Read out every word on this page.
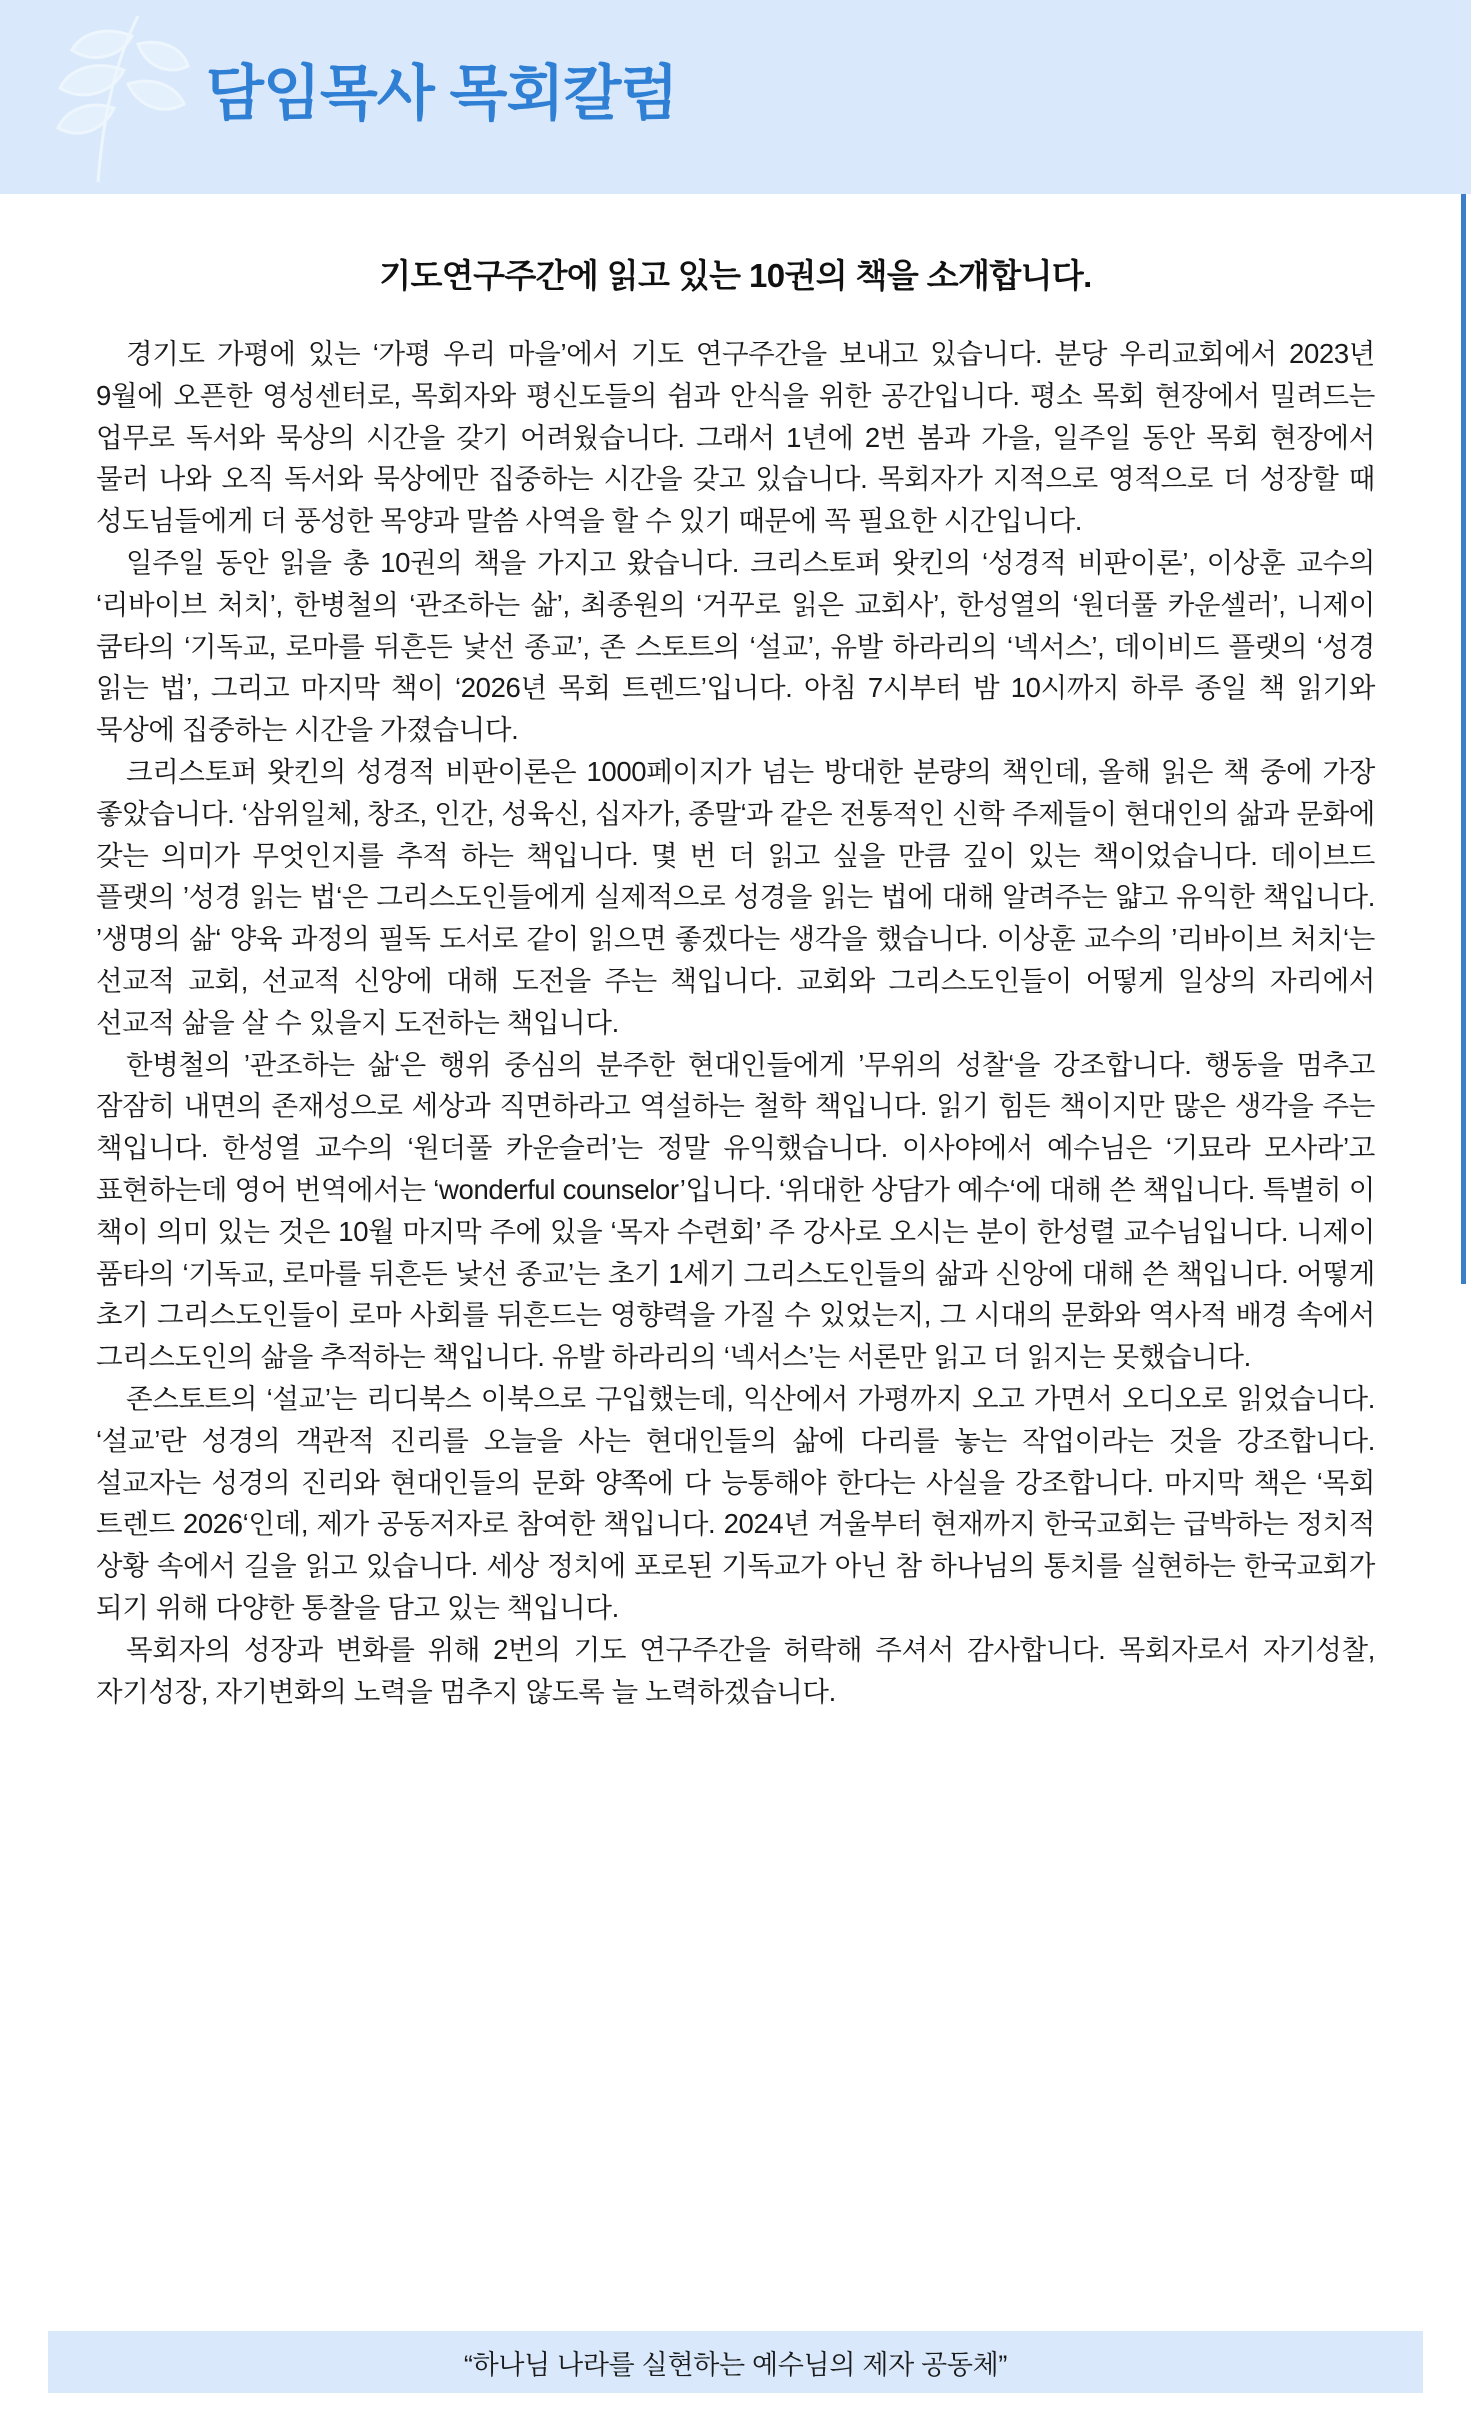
담임목사 목회칼럼
기도연구주간에 읽고 있는 10권의 책을 소개합니다.

경기도 가평에 있는 ‘가평 우리 마을’에서 기도 연구주간을 보내고 있습니다. 분당 우리교회에서 2023년 9월에 오픈한 영성센터로, 목회자와 평신도들의 쉼과 안식을 위한 공간입니다. 평소 목회 현장에서 밀려드는 업무로 독서와 묵상의 시간을 갖기 어려웠습니다. 그래서 1년에 2번 봄과 가을, 일주일 동안 목회 현장에서 물러 나와 오직 독서와 묵상에만 집중하는 시간을 갖고 있습니다. 목회자가 지적으로 영적으로 더 성장할 때 성도님들에게 더 풍성한 목양과 말씀 사역을 할 수 있기 때문에 꼭 필요한 시간입니다.

일주일 동안 읽을 총 10권의 책을 가지고 왔습니다. 크리스토퍼 왓킨의 ‘성경적 비판이론’, 이상훈 교수의 ‘리바이브 처치’, 한병철의 ‘관조하는 삶’, 최종원의 ‘거꾸로 읽은 교회사’, 한성열의 ‘원더풀 카운셀러’, 니제이 쿰타의 ‘기독교, 로마를 뒤흔든 낯선 종교’, 존 스토트의 ‘설교’, 유발 하라리의 ‘넥서스’, 데이비드 플랫의 ‘성경 읽는 법’, 그리고 마지막 책이 ‘2026년 목회 트렌드’입니다. 아침 7시부터 밤 10시까지 하루 종일 책 읽기와 묵상에 집중하는 시간을 가졌습니다.

크리스토퍼 왓킨의 성경적 비판이론은 1000페이지가 넘는 방대한 분량의 책인데, 올해 읽은 책 중에 가장 좋았습니다. ‘삼위일체, 창조, 인간, 성육신, 십자가, 종말‘과 같은 전통적인 신학 주제들이 현대인의 삶과 문화에 갖는 의미가 무엇인지를 추적 하는 책입니다. 몇 번 더 읽고 싶을 만큼 깊이 있는 책이었습니다. 데이브드 플랫의 ’성경 읽는 법‘은 그리스도인들에게 실제적으로 성경을 읽는 법에 대해 알려주는 얇고 유익한 책입니다. ’생명의 삶‘ 양육 과정의 필독 도서로 같이 읽으면 좋겠다는 생각을 했습니다. 이상훈 교수의 ’리바이브 처치‘는 선교적 교회, 선교적 신앙에 대해 도전을 주는 책입니다. 교회와 그리스도인들이 어떻게 일상의 자리에서 선교적 삶을 살 수 있을지 도전하는 책입니다.

한병철의 ’관조하는 삶‘은 행위 중심의 분주한 현대인들에게 ’무위의 성찰‘을 강조합니다. 행동을 멈추고 잠잠히 내면의 존재성으로 세상과 직면하라고 역설하는 철학 책입니다. 읽기 힘든 책이지만 많은 생각을 주는 책입니다. 한성열 교수의 ‘원더풀 카운슬러’는 정말 유익했습니다. 이사야에서 예수님은 ‘기묘라 모사라’고 표현하는데 영어 번역에서는 ‘wonderful counselor’입니다. ‘위대한 상담가 예수‘에 대해 쓴 책입니다. 특별히 이 책이 의미 있는 것은 10월 마지막 주에 있을 ‘목자 수련회’ 주 강사로 오시는 분이 한성렬 교수님입니다. 니제이 품타의 ‘기독교, 로마를 뒤흔든 낯선 종교’는 초기 1세기 그리스도인들의 삶과 신앙에 대해 쓴 책입니다. 어떻게 초기 그리스도인들이 로마 사회를 뒤흔드는 영향력을 가질 수 있었는지, 그 시대의 문화와 역사적 배경 속에서 그리스도인의 삶을 추적하는 책입니다. 유발 하라리의 ‘넥서스’는 서론만 읽고 더 읽지는 못했습니다.

존스토트의 ‘설교’는 리디북스 이북으로 구입했는데, 익산에서 가평까지 오고 가면서 오디오로 읽었습니다. ‘설교’란 성경의 객관적 진리를 오늘을 사는 현대인들의 삶에 다리를 놓는 작업이라는 것을 강조합니다. 설교자는 성경의 진리와 현대인들의 문화 양쪽에 다 능통해야 한다는 사실을 강조합니다. 마지막 책은 ‘목회 트렌드 2026‘인데, 제가 공동저자로 참여한 책입니다. 2024년 겨울부터 현재까지 한국교회는 급박하는 정치적 상황 속에서 길을 읽고 있습니다. 세상 정치에 포로된 기독교가 아닌 참 하나님의 통치를 실현하는 한국교회가 되기 위해 다양한 통찰을 담고 있는 책입니다.

목회자의 성장과 변화를 위해 2번의 기도 연구주간을 허락해 주셔서 감사합니다. 목회자로서 자기성찰, 자기성장, 자기변화의 노력을 멈추지 않도록 늘 노력하겠습니다.

“하나님 나라를 실현하는 예수님의 제자 공동체”
